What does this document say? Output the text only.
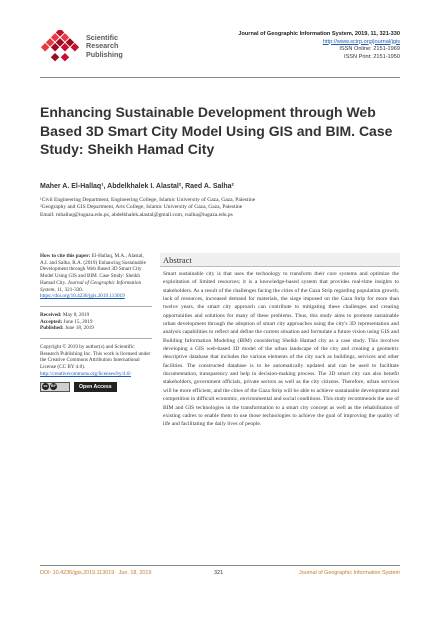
Scientific
Research
Publishing
Journal of Geographic Information System, 2019, 11, 321-330
http://www.scirp.org/journal/jgis
ISSN Online: 2151-1969
ISSN Print: 2151-1950
Enhancing Sustainable Development through Web Based 3D Smart City Model Using GIS and BIM. Case Study: Sheikh Hamad City
Maher A. El-Hallaq¹, Abdelkhalek I. Alastal², Raed A. Salha²
¹Civil Engineering Department, Engineering College, Islamic University of Gaza, Gaza, Palestine
²Geography and GIS Department, Arts College, Islamic University of Gaza, Gaza, Palestine
Email: mhallaq@iugaza.edu.ps, abdelkhalek.alastal@gmail.com, rsalha@iugaza.edu.ps
How to cite this paper: El-Hallaq, M.A., Alastal, A.I. and Salha, R.A. (2019) Enhancing Sustainable Development through Web Based 3D Smart City Model Using GIS and BIM. Case Study: Sheikh Hamad City. Journal of Geographic Information System, 11, 321-330.
https://doi.org/10.4236/jgis.2019.113019
Received: May 8, 2019
Accepted: June 15, 2019
Published: June 18, 2019
Copyright © 2019 by author(s) and Scientific Research Publishing Inc. This work is licensed under the Creative Commons Attribution International License (CC BY 4.0).
http://creativecommons.org/licenses/by/4.0/
cc	BY	Open Access
Abstract
Smart sustainable city is that uses the technology to transform their core systems and optimize the exploitation of limited resources; it is a knowledge-based system that provides real-time insights to stakeholders. As a result of the challenges facing the cities of the Gaza Strip regarding population growth, lack of resources, increased demand for materials, the siege imposed on the Gaza Strip for more than twelve years, the smart city approach can contribute to mitigating these challenges and creating opportunities and solutions for many of these problems. Thus, this study aims to promote sustainable urban development through the adoption of smart city approaches using the city's 3D representation and analysis capabilities to reflect and define the current situation and formulate a future vision using GIS and Building Information Modeling (BIM) considering Sheikh Hamad city as a case study. This involves developing a GIS web-based 3D model of the urban landscape of the city and creating a geometric descriptive database that includes the various elements of the city such as buildings, services and other facilities. The constructed database is to be automatically updated and can be used to facilitate documentation, transparency and help in decision-making process. The 3D smart city can also benefit stakeholders, government officials, private sectors as well as the city citizens. Therefore, urban services will be more efficient, and the cities of the Gaza Strip will be able to achieve sustainable development and competition in difficult economic, environmental and social conditions. This study recommends the use of BIM and GIS technologies in the transformation to a smart city concept as well as the rehabilitation of existing cadres to enable them to use those technologies to achieve the goal of improving the quality of life and facilitating the daily lives of people.
DOI: 10.4236/jgis.2019.113019 Jun. 18, 2019	321	Journal of Geographic Information System
